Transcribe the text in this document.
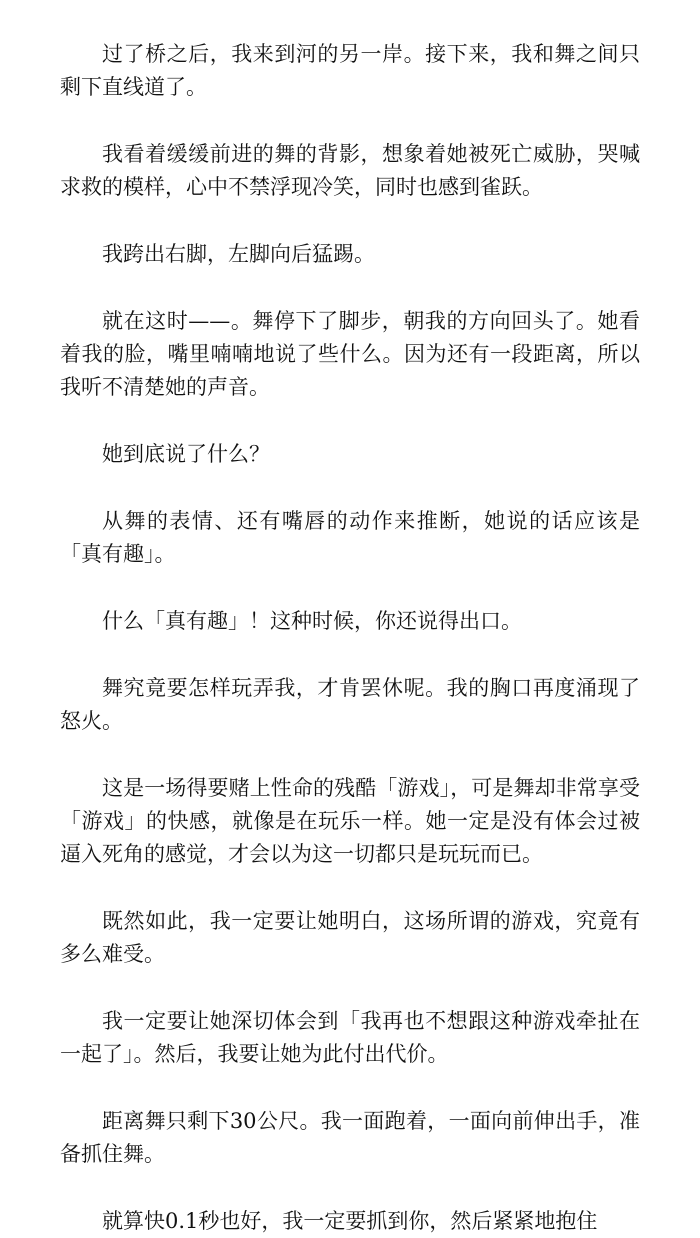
过了桥之后，我来到河的另一岸。接下来，我和舞之间只剩下直线道了。

我看着缓缓前进的舞的背影，想象着她被死亡威胁，哭喊求救的模样，心中不禁浮现冷笑，同时也感到雀跃。

我跨出右脚，左脚向后猛踢。

就在这时——。舞停下了脚步，朝我的方向回头了。她看着我的脸，嘴里喃喃地说了些什么。因为还有一段距离，所以我听不清楚她的声音。

她到底说了什么？

从舞的表情、还有嘴唇的动作来推断，她说的话应该是「真有趣」。

什么「真有趣」！这种时候，你还说得出口。

舞究竟要怎样玩弄我，才肯罢休呢。我的胸口再度涌现了怒火。

这是一场得要赌上性命的残酷「游戏」，可是舞却非常享受「游戏」的快感，就像是在玩乐一样。她一定是没有体会过被逼入死角的感觉，才会以为这一切都只是玩玩而已。

既然如此，我一定要让她明白，这场所谓的游戏，究竟有多么难受。

我一定要让她深切体会到「我再也不想跟这种游戏牵扯在一起了」。然后，我要让她为此付出代价。

距离舞只剩下30公尺。我一面跑着，一面向前伸出手，准备抓住舞。

就算快0.1秒也好，我一定要抓到你，然后紧紧地抱住
